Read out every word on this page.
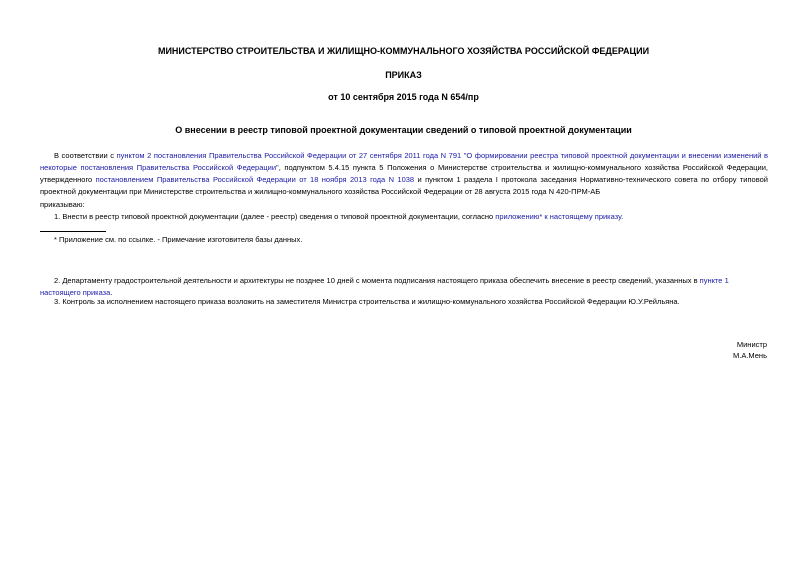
МИНИСТЕРСТВО СТРОИТЕЛЬСТВА И ЖИЛИЩНО-КОММУНАЛЬНОГО ХОЗЯЙСТВА РОССИЙСКОЙ ФЕДЕРАЦИИ
ПРИКАЗ
от 10 сентября 2015 года N 654/пр
О внесении в реестр типовой проектной документации сведений о типовой проектной документации
В соответствии с пунктом 2 постановления Правительства Российской Федерации от 27 сентября 2011 года N 791 "О формировании реестра типовой проектной документации и внесении изменений в некоторые постановления Правительства Российской Федерации", подпунктом 5.4.15 пункта 5 Положения о Министерстве строительства и жилищно-коммунального хозяйства Российской Федерации, утвержденного постановлением Правительства Российской Федерации от 18 ноября 2013 года N 1038 и пунктом 1 раздела I протокола заседания Нормативно-технического совета по отбору типовой проектной документации при Министерстве строительства и жилищно-коммунального хозяйства Российской Федерации от 28 августа 2015 года N 420-ПРМ-АБ
приказываю:
1. Внести в реестр типовой проектной документации (далее - реестр) сведения о типовой проектной документации, согласно приложению* к настоящему приказу.
* Приложение см. по ссылке. - Примечание изготовителя базы данных.
2. Департаменту градостроительной деятельности и архитектуры не позднее 10 дней с момента подписания настоящего приказа обеспечить внесение в реестр сведений, указанных в пункте 1 настоящего приказа.
3. Контроль за исполнением настоящего приказа возложить на заместителя Министра строительства и жилищно-коммунального хозяйства Российской Федерации Ю.У.Рейльяна.
Министр
М.А.Мень
